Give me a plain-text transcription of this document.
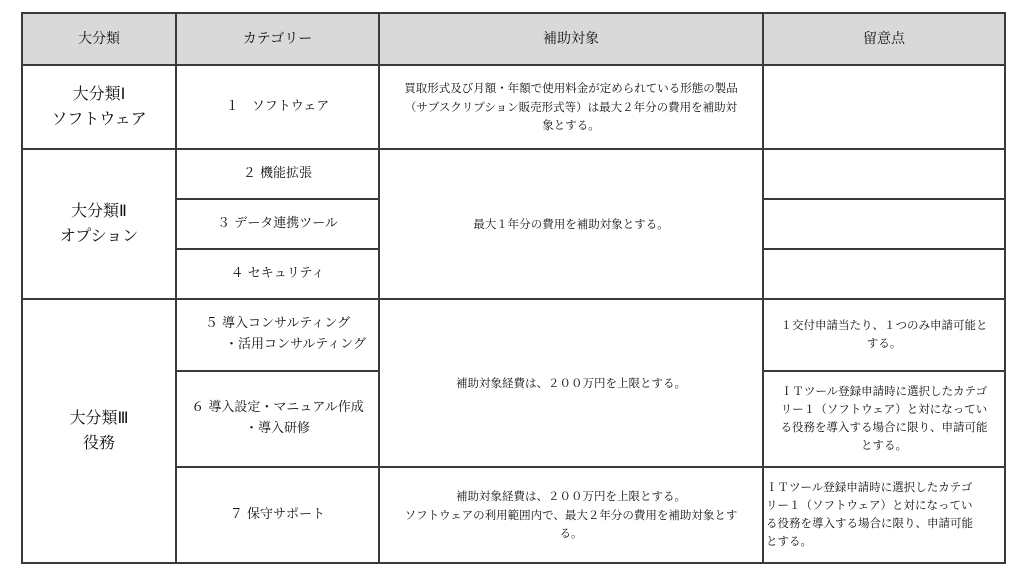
大分類	カテゴリー	補助対象	留意点

大分類Ⅰ
ソフトウェア	１　ソフトウェア	買取形式及び月額・年額で使用料金が定められている形態の製品
（サブスクリプション販売形式等）は最大２年分の費用を補助対
象とする。	

大分類Ⅱ
オプション	２ 機能拡張	最大１年分の費用を補助対象とする。	

	３ データ連携ツール		

	４ セキュリティ		

大分類Ⅲ
役務	５ 導入コンサルティング
・活用コンサルティング	補助対象経費は、２００万円を上限とする。	１交付申請当たり、１つのみ申請可能と
する。

	６ 導入設定・マニュアル作成
・導入研修		ＩＴツール登録申請時に選択したカテゴ
リー１（ソフトウェア）と対になってい
る役務を導入する場合に限り、申請可能
とする。

	７ 保守サポート	補助対象経費は、２００万円を上限とする。
ソフトウェアの利用範囲内で、最大２年分の費用を補助対象とす
る。	ＩＴツール登録申請時に選択したカテゴ
リー１（ソフトウェア）と対になってい
る役務を導入する場合に限り、申請可能
とする。
